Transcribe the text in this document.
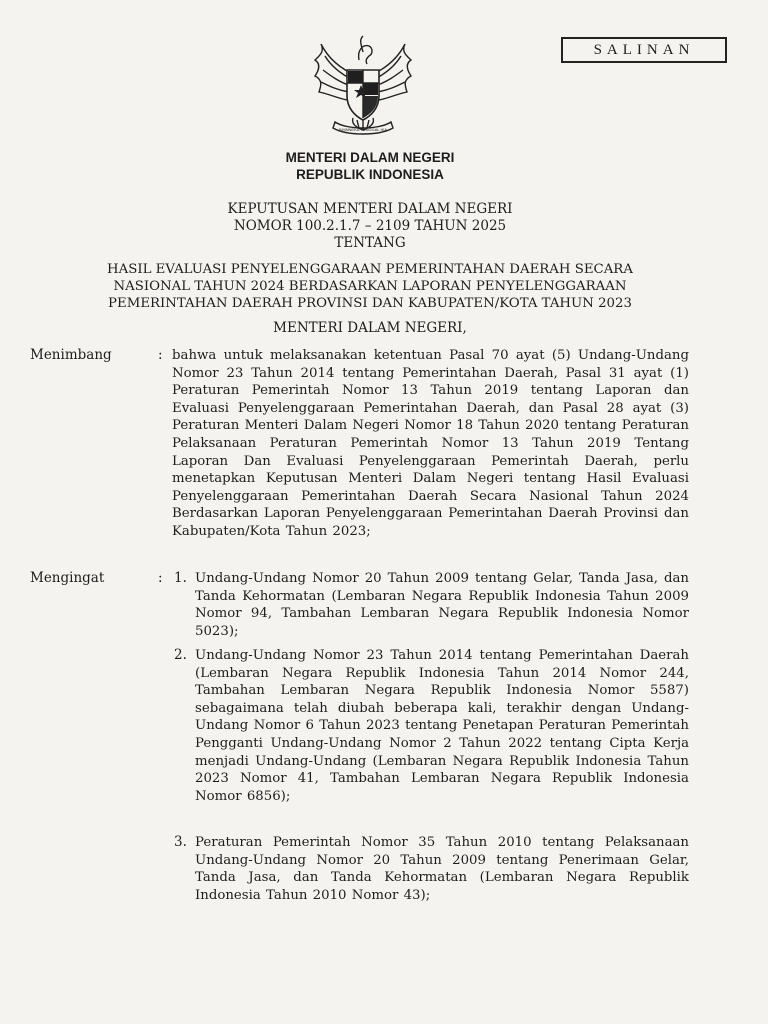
SALINAN
BHINNEKA TUNGGAL IKA
MENTERI DALAM NEGERI
REPUBLIK INDONESIA
KEPUTUSAN MENTERI DALAM NEGERI
NOMOR 100.2.1.7 – 2109 TAHUN 2025
TENTANG
HASIL EVALUASI PENYELENGGARAAN PEMERINTAHAN DAERAH SECARA
NASIONAL TAHUN 2024 BERDASARKAN LAPORAN PENYELENGGARAAN
PEMERINTAHAN DAERAH PROVINSI DAN KABUPATEN/KOTA TAHUN 2023
MENTERI DALAM NEGERI,
Menimbang	: bahwa untuk melaksanakan ketentuan Pasal 70 ayat (5) Undang-Undang Nomor 23 Tahun 2014 tentang Pemerintahan Daerah, Pasal 31 ayat (1) Peraturan Pemerintah Nomor 13 Tahun 2019 tentang Laporan dan Evaluasi Penyelenggaraan Pemerintahan Daerah, dan Pasal 28 ayat (3) Peraturan Menteri Dalam Negeri Nomor 18 Tahun 2020 tentang Peraturan Pelaksanaan Peraturan Pemerintah Nomor 13 Tahun 2019 Tentang Laporan Dan Evaluasi Penyelenggaraan Pemerintah Daerah, perlu menetapkan Keputusan Menteri Dalam Negeri tentang Hasil Evaluasi Penyelenggaraan Pemerintahan Daerah Secara Nasional Tahun 2024 Berdasarkan Laporan Penyelenggaraan Pemerintahan Daerah Provinsi dan Kabupaten/Kota Tahun 2023;
Mengingat	: 1. Undang-Undang Nomor 20 Tahun 2009 tentang Gelar, Tanda Jasa, dan Tanda Kehormatan (Lembaran Negara Republik Indonesia Tahun 2009 Nomor 94, Tambahan Lembaran Negara Republik Indonesia Nomor 5023);
2. Undang-Undang Nomor 23 Tahun 2014 tentang Pemerintahan Daerah (Lembaran Negara Republik Indonesia Tahun 2014 Nomor 244, Tambahan Lembaran Negara Republik Indonesia Nomor 5587) sebagaimana telah diubah beberapa kali, terakhir dengan Undang-Undang Nomor 6 Tahun 2023 tentang Penetapan Peraturan Pemerintah Pengganti Undang-Undang Nomor 2 Tahun 2022 tentang Cipta Kerja menjadi Undang-Undang (Lembaran Negara Republik Indonesia Tahun 2023 Nomor 41, Tambahan Lembaran Negara Republik Indonesia Nomor 6856);
3. Peraturan Pemerintah Nomor 35 Tahun 2010 tentang Pelaksanaan Undang-Undang Nomor 20 Tahun 2009 tentang Penerimaan Gelar, Tanda Jasa, dan Tanda Kehormatan (Lembaran Negara Republik Indonesia Tahun 2010 Nomor 43);
